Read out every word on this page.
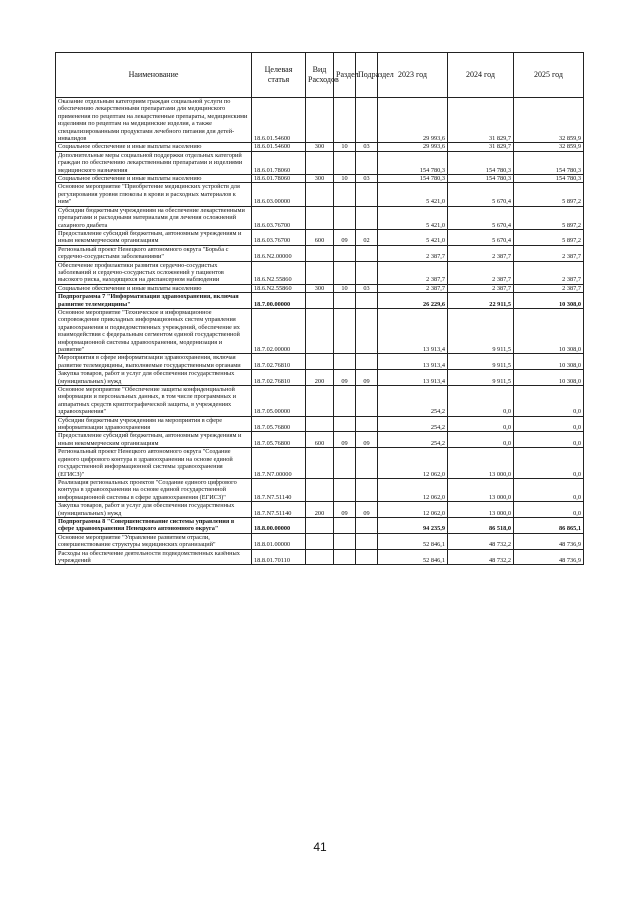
Наименование	Целевая статья	Вид Расходов	Раздел	Подраздел	2023 год	2024 год	2025 год
Оказание отдельным категориям граждан социальной услуги по обеспечению лекарственными препаратами для медицинского применения по рецептам на лекарственные препараты, медицинскими изделиями по рецептам на медицинские изделия, а также специализированными продуктами лечебного питания для детей-инвалидов	18.6.01.54600				29 993,6	31 829,7	32 859,9
Социальное обеспечение и иные выплаты населению	18.6.01.54600	300	10	03	29 993,6	31 829,7	32 859,9
Дополнительные меры социальной поддержки отдельных категорий граждан по обеспечению лекарственными препаратами и изделиями медицинского назначения	18.6.01.78060				154 780,3	154 780,3	154 780,3
Социальное обеспечение и иные выплаты населению	18.6.01.78060	300	10	03	154 780,3	154 780,3	154 780,3
Основное мероприятие "Приобретение медицинских устройств для регулирования уровня глюкозы в крови и расходных материалов к ним"	18.6.03.00000				5 421,0	5 670,4	5 897,2
Субсидии бюджетным учреждениям на обеспечение лекарственными препаратами и расходными материалами для лечения осложнений сахарного диабета	18.6.03.76700				5 421,0	5 670,4	5 897,2
Предоставление субсидий бюджетным, автономным учреждениям и иным некоммерческим организациям	18.6.03.76700	600	09	02	5 421,0	5 670,4	5 897,2
Региональный проект Ненецкого автономного округа "Борьба с сердечно-сосудистыми заболеваниями"	18.6.N2.00000				2 387,7	2 387,7	2 387,7
Обеспечение профилактики развития сердечно-сосудистых заболеваний и сердечно-сосудистых осложнений у пациентов высокого риска, находящихся на диспансерном наблюдении	18.6.N2.55860				2 387,7	2 387,7	2 387,7
Социальное обеспечение и иные выплаты населению	18.6.N2.55860	300	10	03	2 387,7	2 387,7	2 387,7
Подпрограмма 7 "Информатизация здравоохранения, включая развитие телемедицины"	18.7.00.00000				26 229,6	22 911,5	10 308,0
Основное мероприятие "Техническое и информационное сопровождение прикладных информационных систем управления здравоохранения и подведомственных учреждений, обеспечение их взаимодействия с федеральным сегментом единой государственной информационной системы здравоохранения, модернизация и развитие"	18.7.02.00000				13 913,4	9 911,5	10 308,0
Мероприятия в сфере информатизации здравоохранения, включая развитие телемедицины, выполняемые государственными органами	18.7.02.76810				13 913,4	9 911,5	10 308,0
Закупка товаров, работ и услуг для обеспечения государственных (муниципальных) нужд	18.7.02.76810	200	09	09	13 913,4	9 911,5	10 308,0
Основное мероприятие "Обеспечение защиты конфиденциальной информации и персональных данных, в том числе программных и аппаратных средств криптографической защиты, в учреждениях здравоохранения"	18.7.05.00000				254,2	0,0	0,0
Субсидии бюджетным учреждениям на мероприятия в сфере информатизации здравоохранения	18.7.05.76800				254,2	0,0	0,0
Предоставление субсидий бюджетным, автономным учреждениям и иным некоммерческим организациям	18.7.05.76800	600	09	09	254,2	0,0	0,0
Региональный проект Ненецкого автономного округа "Создание единого цифрового контура в здравоохранении на основе единой государственной информационной системы здравоохранения (ЕГИСЗ)"	18.7.N7.00000				12 062,0	13 000,0	0,0
Реализация региональных проектов "Создание единого цифрового контура в здравоохранении на основе единой государственной информационной системы в сфере здравоохранения (ЕГИСЗ)"	18.7.N7.51140				12 062,0	13 000,0	0,0
Закупка товаров, работ и услуг для обеспечения государственных (муниципальных) нужд	18.7.N7.51140	200	09	09	12 062,0	13 000,0	0,0
Подпрограмма 8 "Совершенствование системы управления в сфере здравоохранения Ненецкого автономного округа"	18.8.00.00000				94 235,9	86 518,0	86 865,1
Основное мероприятие "Управление развитием отрасли, совершенствование структуры медицинских организаций"	18.8.01.00000				52 846,1	48 732,2	48 736,9
Расходы на обеспечение деятельности подведомственных казённых учреждений	18.8.01.70110				52 846,1	48 732,2	48 736,9
41
